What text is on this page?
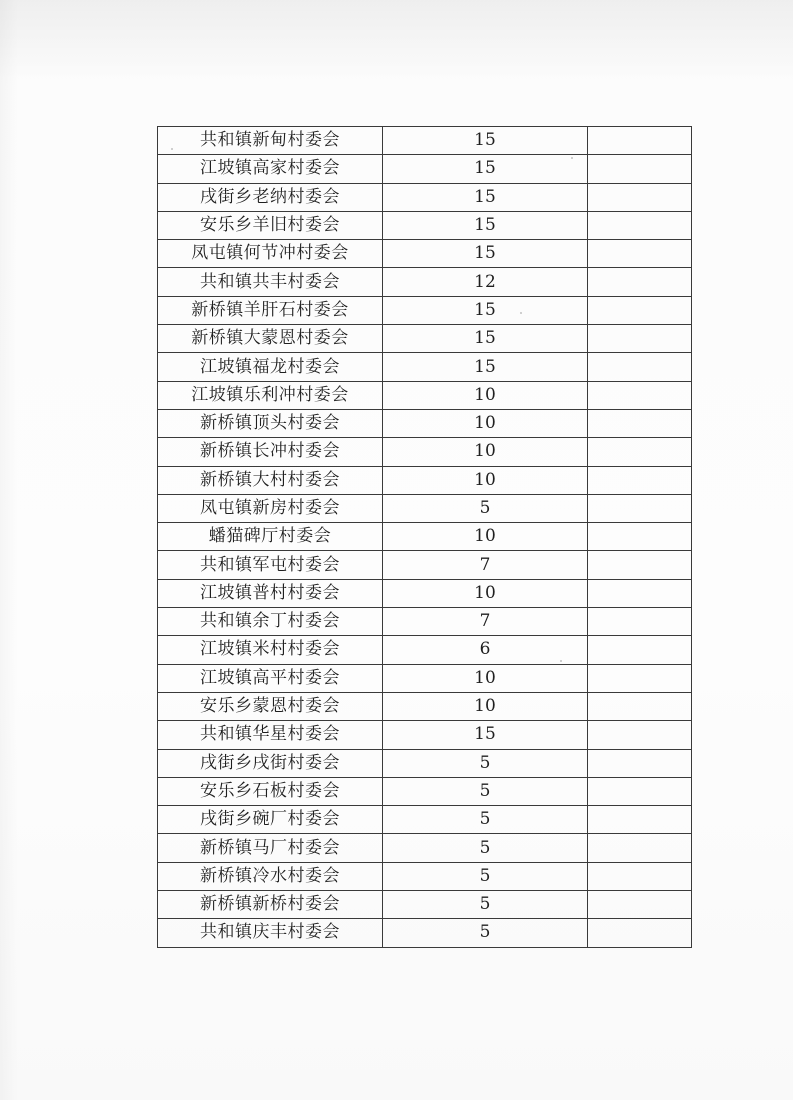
共和镇新甸村委会	15	
江坡镇高家村委会	15	
戌街乡老纳村委会	15	
安乐乡羊旧村委会	15	
凤屯镇何节冲村委会	15	
共和镇共丰村委会	12	
新桥镇羊肝石村委会	15	
新桥镇大蒙恩村委会	15	
江坡镇福龙村委会	15	
江坡镇乐利冲村委会	10	
新桥镇顶头村委会	10	
新桥镇长冲村委会	10	
新桥镇大村村委会	10	
凤屯镇新房村委会	5	
蟠猫碑厅村委会	10	
共和镇军屯村委会	7	
江坡镇普村村委会	10	
共和镇余丁村委会	7	
江坡镇米村村委会	6	
江坡镇高平村委会	10	
安乐乡蒙恩村委会	10	
共和镇华星村委会	15	
戌街乡戌街村委会	5	
安乐乡石板村委会	5	
戌街乡碗厂村委会	5	
新桥镇马厂村委会	5	
新桥镇冷水村委会	5	
新桥镇新桥村委会	5	
共和镇庆丰村委会	5	
